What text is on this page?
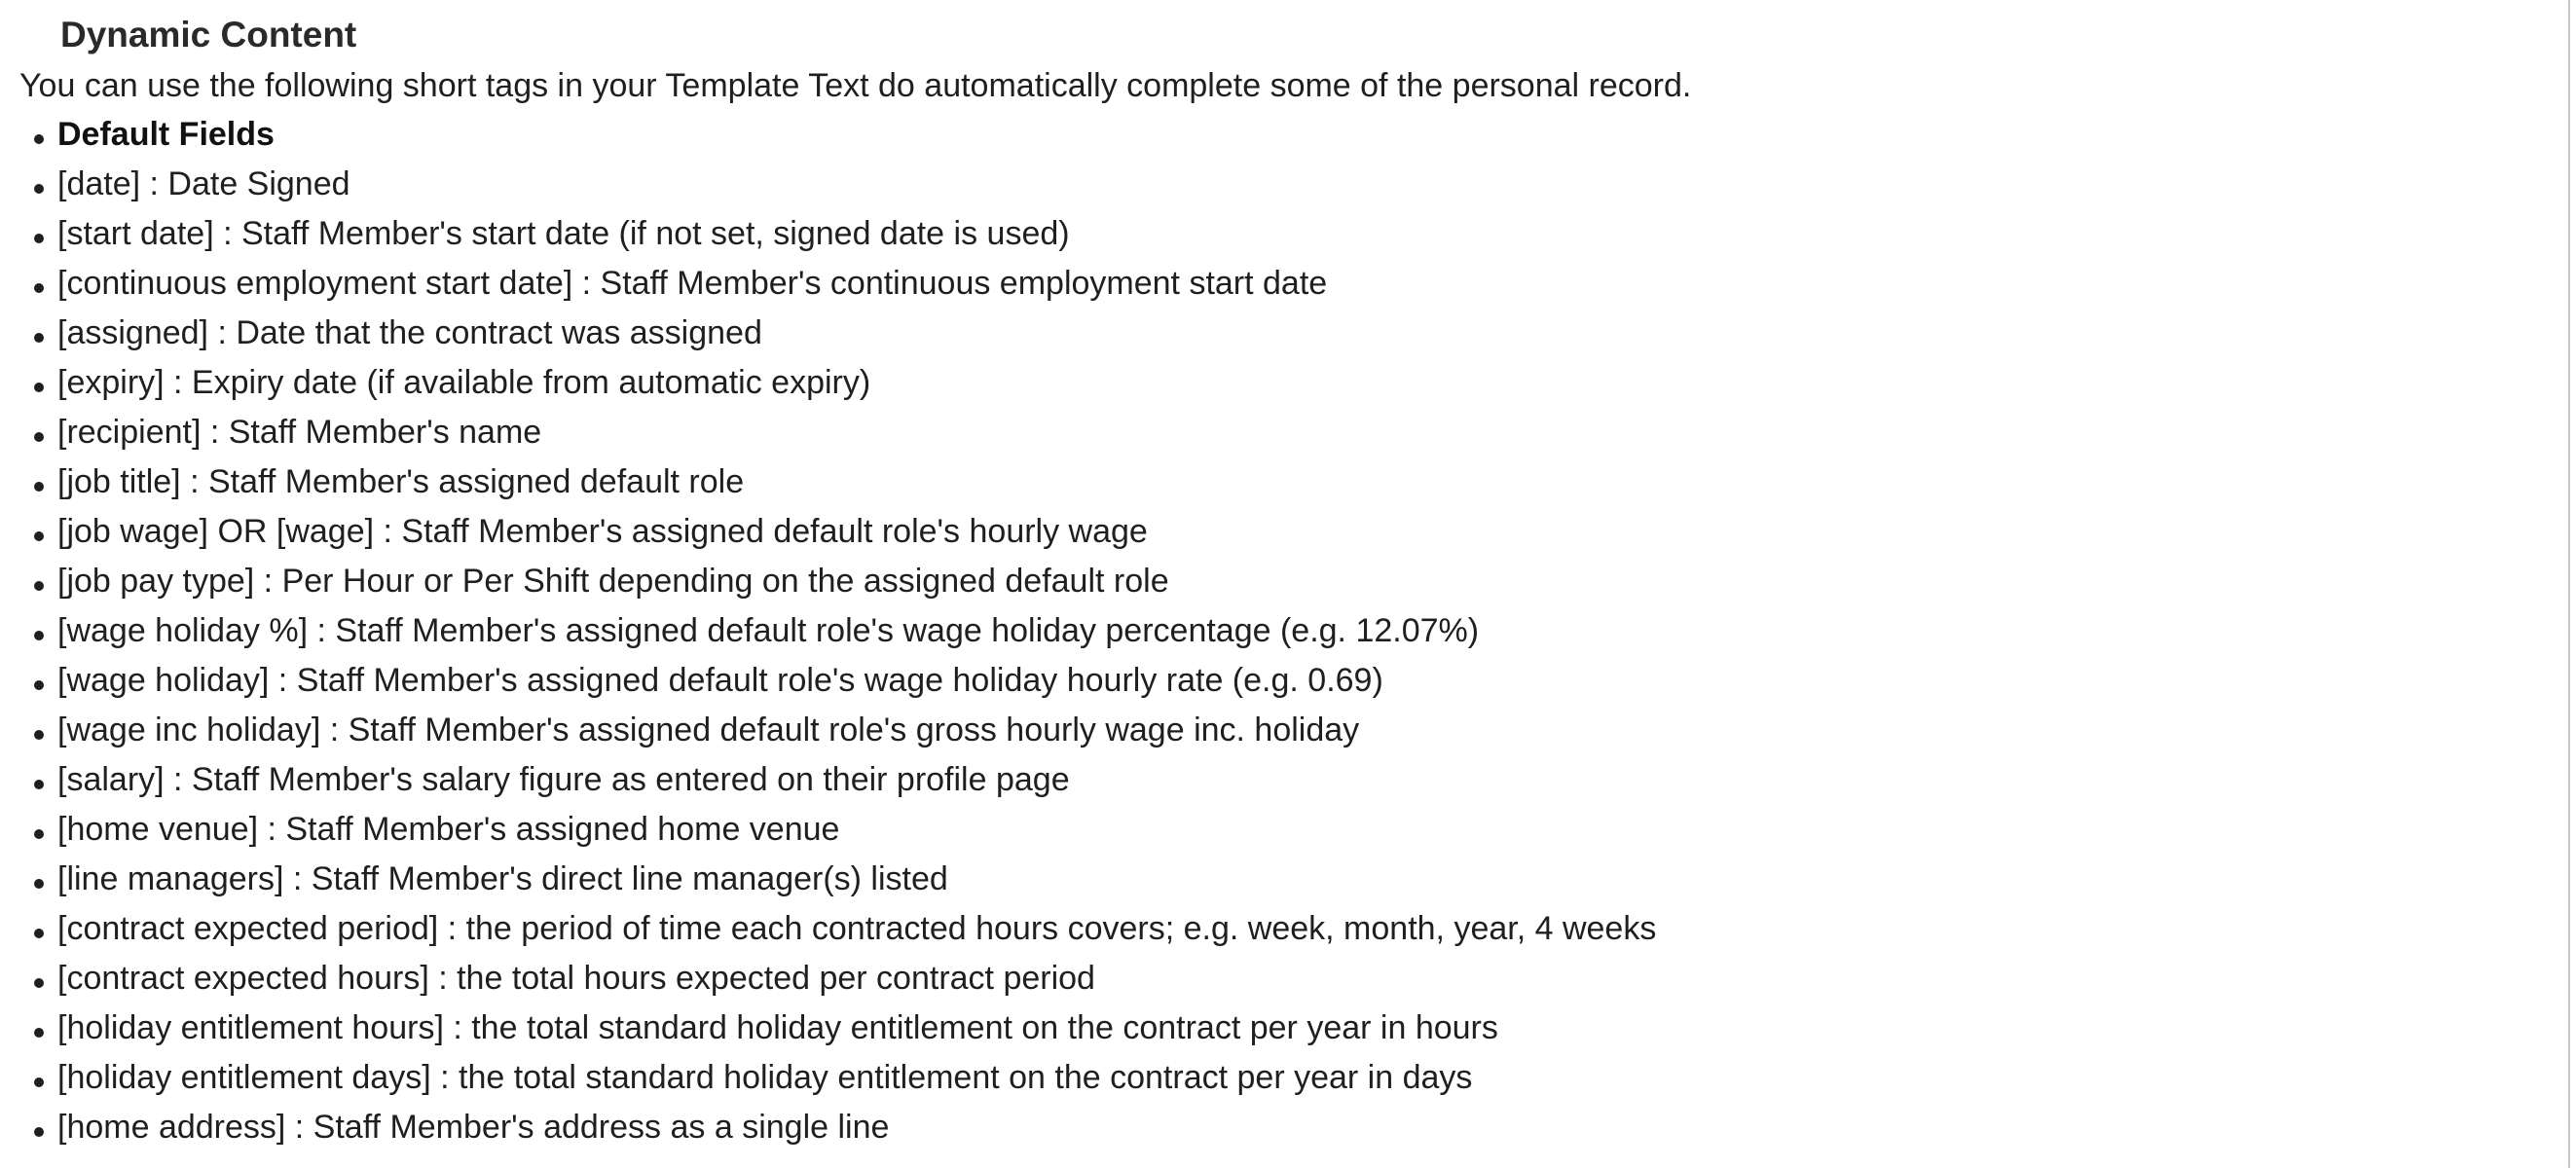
Dynamic Content

You can use the following short tags in your Template Text do automatically complete some of the personal record.

Default Fields
[date] : Date Signed
[start date] : Staff Member's start date (if not set, signed date is used)
[continuous employment start date] : Staff Member's continuous employment start date
[assigned] : Date that the contract was assigned
[expiry] : Expiry date (if available from automatic expiry)
[recipient] : Staff Member's name
[job title] : Staff Member's assigned default role
[job wage] OR [wage] : Staff Member's assigned default role's hourly wage
[job pay type] : Per Hour or Per Shift depending on the assigned default role
[wage holiday %] : Staff Member's assigned default role's wage holiday percentage (e.g. 12.07%)
[wage holiday] : Staff Member's assigned default role's wage holiday hourly rate (e.g. 0.69)
[wage inc holiday] : Staff Member's assigned default role's gross hourly wage inc. holiday
[salary] : Staff Member's salary figure as entered on their profile page
[home venue] : Staff Member's assigned home venue
[line managers] : Staff Member's direct line manager(s) listed
[contract expected period] : the period of time each contracted hours covers; e.g. week, month, year, 4 weeks
[contract expected hours] : the total hours expected per contract period
[holiday entitlement hours] : the total standard holiday entitlement on the contract per year in hours
[holiday entitlement days] : the total standard holiday entitlement on the contract per year in days
[home address] : Staff Member's address as a single line
